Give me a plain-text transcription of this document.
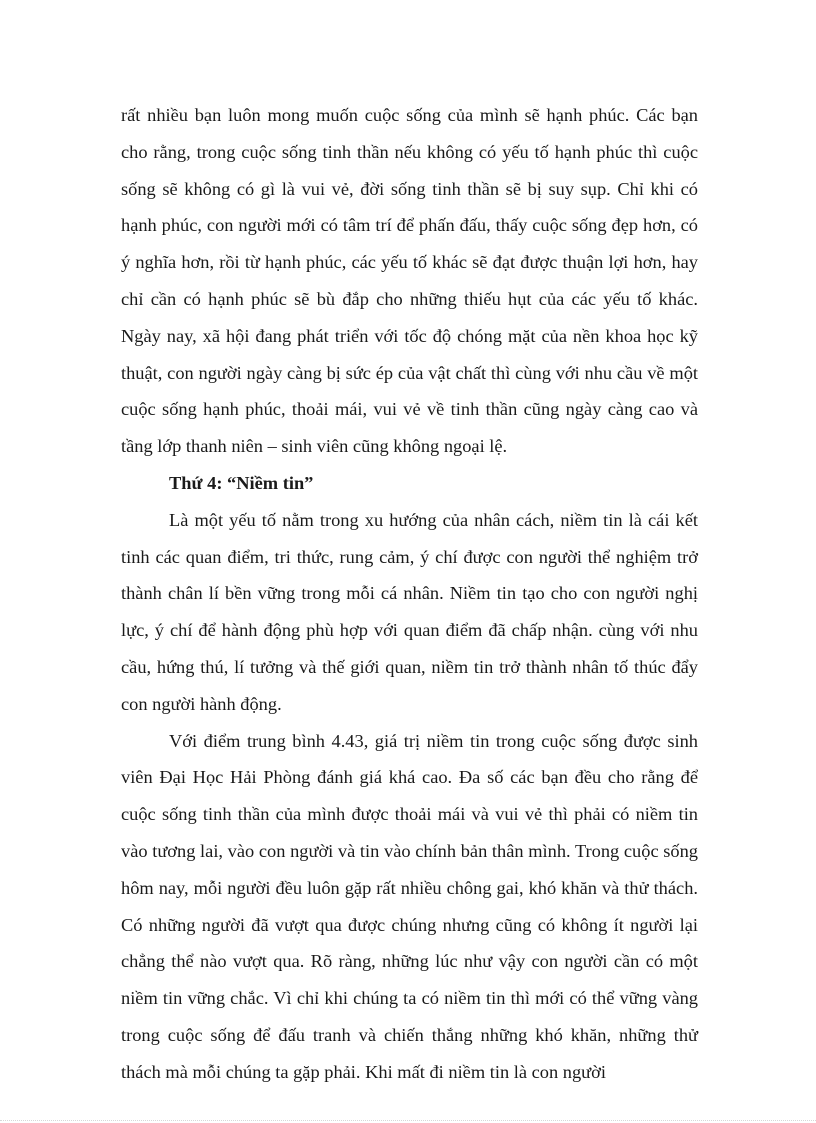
rất nhiều bạn luôn mong muốn cuộc sống của mình sẽ hạnh phúc. Các bạn cho rằng, trong cuộc sống tinh thần nếu không có yếu tố hạnh phúc thì cuộc sống sẽ không có gì là vui vẻ, đời sống tinh thần sẽ bị suy sụp. Chỉ khi có hạnh phúc, con người mới có tâm trí để phấn đấu, thấy cuộc sống đẹp hơn, có ý nghĩa hơn, rồi từ hạnh phúc, các yếu tố khác sẽ đạt được thuận lợi hơn, hay chỉ cần có hạnh phúc sẽ bù đắp cho những thiếu hụt của các yếu tố khác. Ngày nay, xã hội đang phát triển với tốc độ chóng mặt của nền khoa học kỹ thuật, con người ngày càng bị sức ép của vật chất thì cùng với nhu cầu về một cuộc sống hạnh phúc, thoải mái, vui vẻ về tinh thần cũng ngày càng cao và tầng lớp thanh niên – sinh viên cũng không ngoại lệ.

Thứ 4: “Niềm tin”

Là một yếu tố nằm trong xu hướng của nhân cách, niềm tin là cái kết tinh các quan điểm, tri thức, rung cảm, ý chí được con người thể nghiệm trở thành chân lí bền vững trong mỗi cá nhân. Niềm tin tạo cho con người nghị lực, ý chí để hành động phù hợp với quan điểm đã chấp nhận. cùng với nhu cầu, hứng thú, lí tưởng và thế giới quan, niềm tin trở thành nhân tố thúc đẩy con người hành động.

Với điểm trung bình 4.43, giá trị niềm tin trong cuộc sống được sinh viên Đại Học Hải Phòng đánh giá khá cao. Đa số các bạn đều cho rằng để cuộc sống tinh thần của mình được thoải mái và vui vẻ thì phải có niềm tin vào tương lai, vào con người và tin vào chính bản thân mình. Trong cuộc sống hôm nay, mỗi người đều luôn gặp rất nhiều chông gai, khó khăn và thử thách. Có những người đã vượt qua được chúng nhưng cũng có không ít người lại chẳng thể nào vượt qua. Rõ ràng, những lúc như vậy con người cần có một niềm tin vững chắc. Vì chỉ khi chúng ta có niềm tin thì mới có thể vững vàng trong cuộc sống để đấu tranh và chiến thắng những khó khăn, những thử thách mà mỗi chúng ta gặp phải. Khi mất đi niềm tin là con người
